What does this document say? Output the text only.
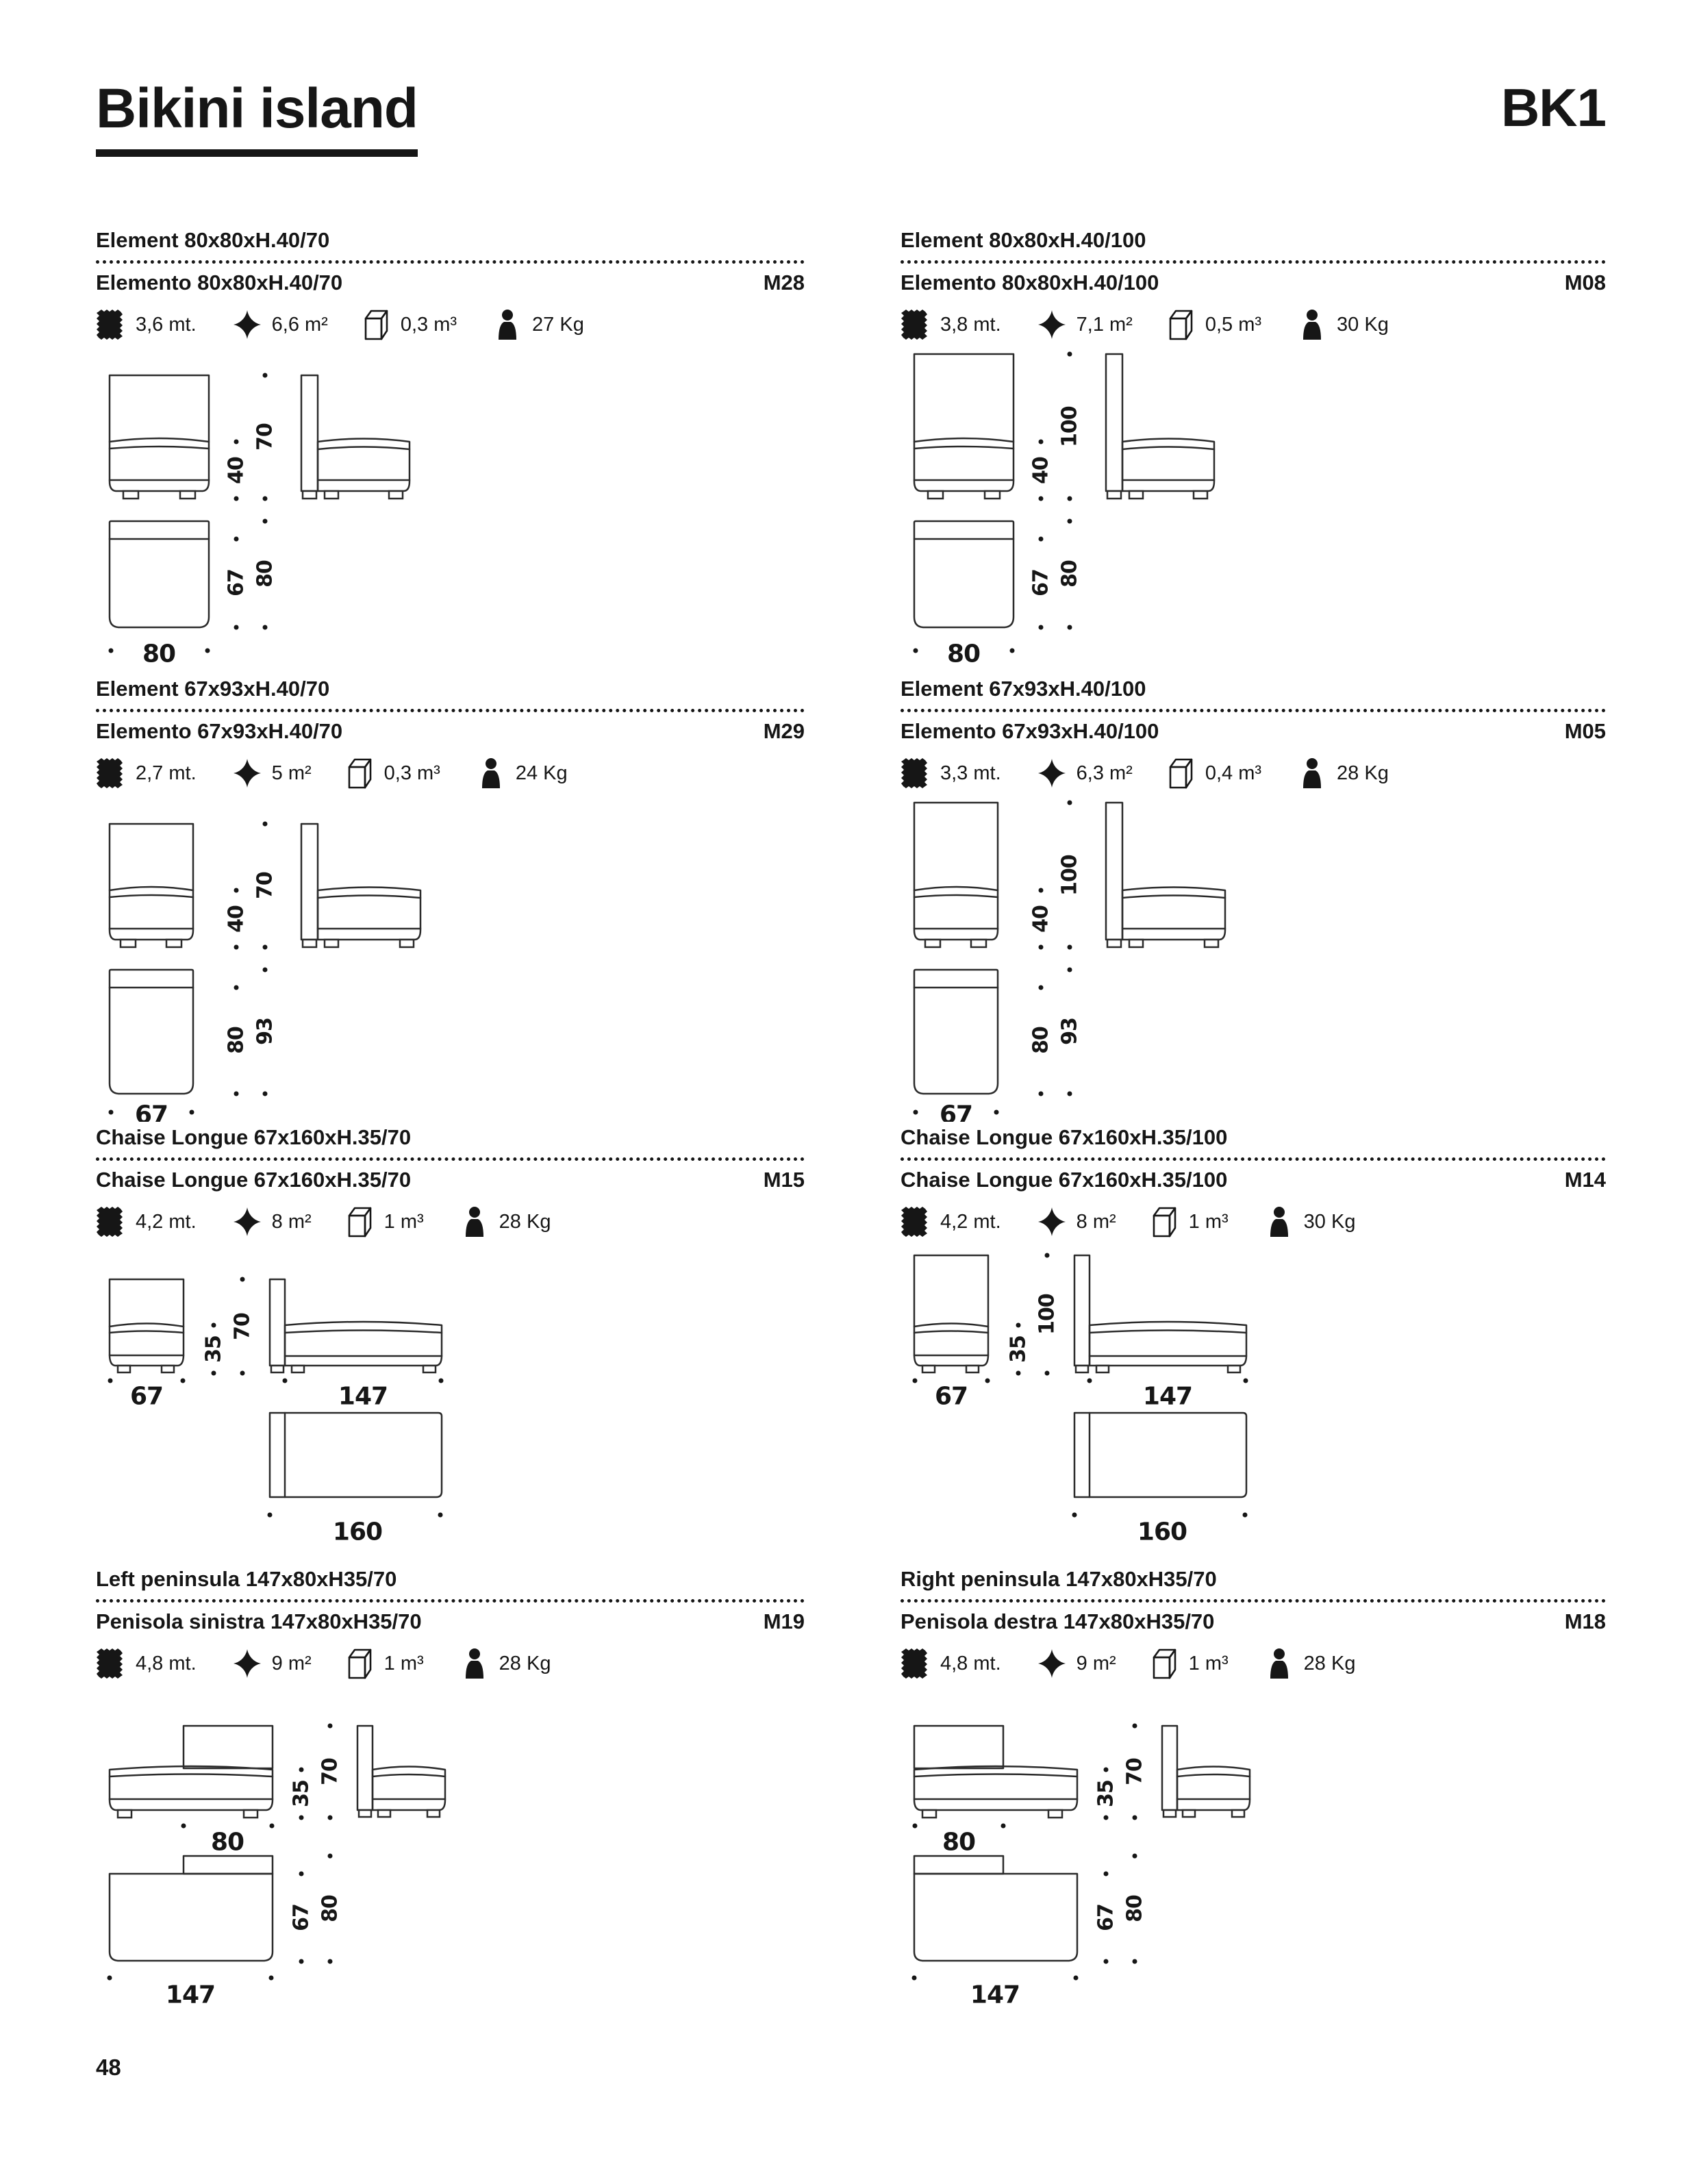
Bikini island	BK1
Element 80x80xH.40/70
Elemento 80x80xH.40/70	M28
3,6 mt.	6,6 m²	0,3 m³	27 Kg
40
70
67 80
80
Element 80x80xH.40/100
Elemento 80x80xH.40/100	M08
3,8 mt.	7,1 m²	0,5 m³	30 Kg
40
100
67 80
80
Element 67x93xH.40/70
Elemento 67x93xH.40/70	M29
2,7 mt.	5 m²	0,3 m³	24 Kg
40
70
80 93
67
Element 67x93xH.40/100
Elemento 67x93xH.40/100	M05
3,3 mt.	6,3 m²	0,4 m³	28 Kg
40
100
80 93
67
Chaise Longue 67x160xH.35/70
Chaise Longue 67x160xH.35/70	M15
4,2 mt.	8 m²	1 m³	28 Kg
67
35
70
147
160
Chaise Longue 67x160xH.35/100
Chaise Longue 67x160xH.35/100	M14
4,2 mt.	8 m²	1 m³	30 Kg
67
35
100
147
160
Left peninsula 147x80xH35/70
Penisola sinistra 147x80xH35/70	M19
4,8 mt.	9 m²	1 m³	28 Kg
80
35
70
147
67 80
Right peninsula 147x80xH35/70
Penisola destra 147x80xH35/70	M18
4,8 mt.	9 m²	1 m³	28 Kg
80
35
70
147
67 80
48
